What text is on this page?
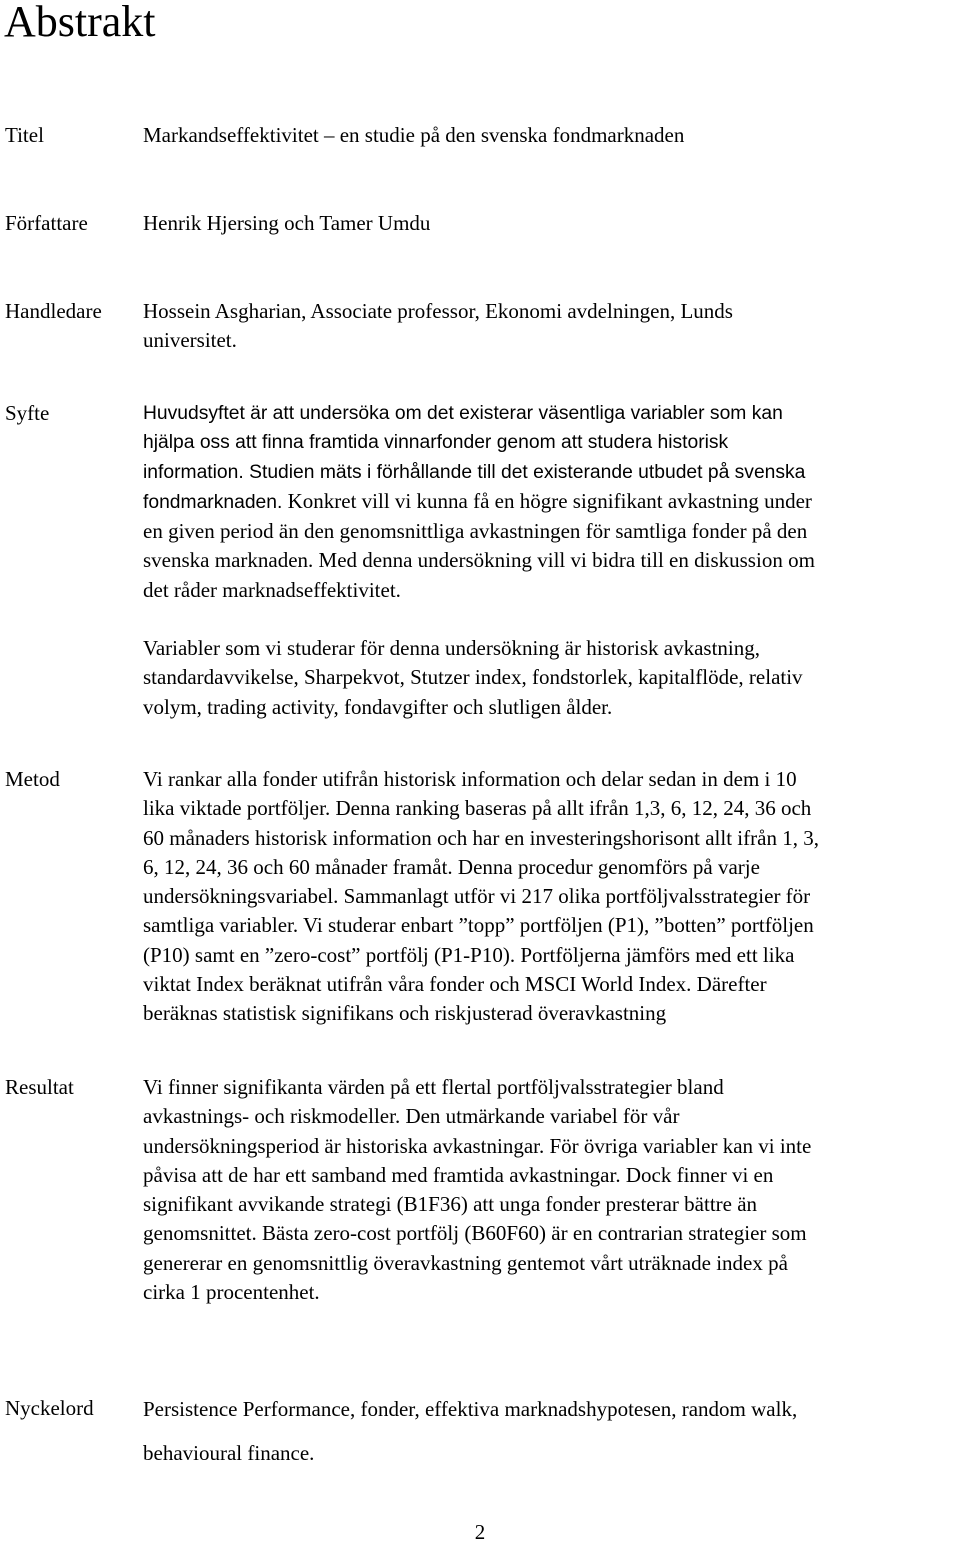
Abstrakt
Titel	Markandseffektivitet – en studie på den svenska fondmarknaden
Författare	Henrik Hjersing och Tamer Umdu
Handledare Hossein Asgharian, Associate professor, Ekonomi avdelningen, Lunds
universitet.
Syfte	Huvudsyftet är att undersöka om det existerar väsentliga variabler som kan
hjälpa oss att finna framtida vinnarfonder genom att studera historisk
information. Studien mäts i förhållande till det existerande utbudet på svenska
fondmarknaden. Konkret vill vi kunna få en högre signifikant avkastning under
en given period än den genomsnittliga avkastningen för samtliga fonder på den
svenska marknaden. Med denna undersökning vill vi bidra till en diskussion om
det råder marknadseffektivitet.

Variabler som vi studerar för denna undersökning är historisk avkastning,
standardavvikelse, Sharpekvot, Stutzer index, fondstorlek, kapitalflöde, relativ
volym, trading activity, fondavgifter och slutligen ålder.

Metod	Vi rankar alla fonder utifrån historisk information och delar sedan in dem i 10
lika viktade portföljer. Denna ranking baseras på allt ifrån 1,3, 6, 12, 24, 36 och
60 månaders historisk information och har en investeringshorisont allt ifrån 1, 3,
6, 12, 24, 36 och 60 månader framåt. Denna procedur genomförs på varje
undersökningsvariabel. Sammanlagt utför vi 217 olika portföljvalsstrategier för
samtliga variabler. Vi studerar enbart ”topp” portföljen (P1), ”botten” portföljen
(P10) samt en ”zero-cost” portfölj (P1-P10). Portföljerna jämförs med ett lika
viktat Index beräknat utifrån våra fonder och MSCI World Index. Därefter
beräknas statistisk signifikans och riskjusterad överavkastning
Resultat	Vi finner signifikanta värden på ett flertal portföljvalsstrategier bland
avkastnings- och riskmodeller. Den utmärkande variabel för vår
undersökningsperiod är historiska avkastningar. För övriga variabler kan vi inte
påvisa att de har ett samband med framtida avkastningar. Dock finner vi en
signifikant avvikande strategi (B1F36) att unga fonder presterar bättre än
genomsnittet. Bästa zero-cost portfölj (B60F60) är en contrarian strategier som
genererar en genomsnittlig överavkastning gentemot vårt uträknade index på
cirka 1 procentenhet.
Nyckelord Persistence Performance, fonder, effektiva marknadshypotesen, random walk,
behavioural finance.
2
